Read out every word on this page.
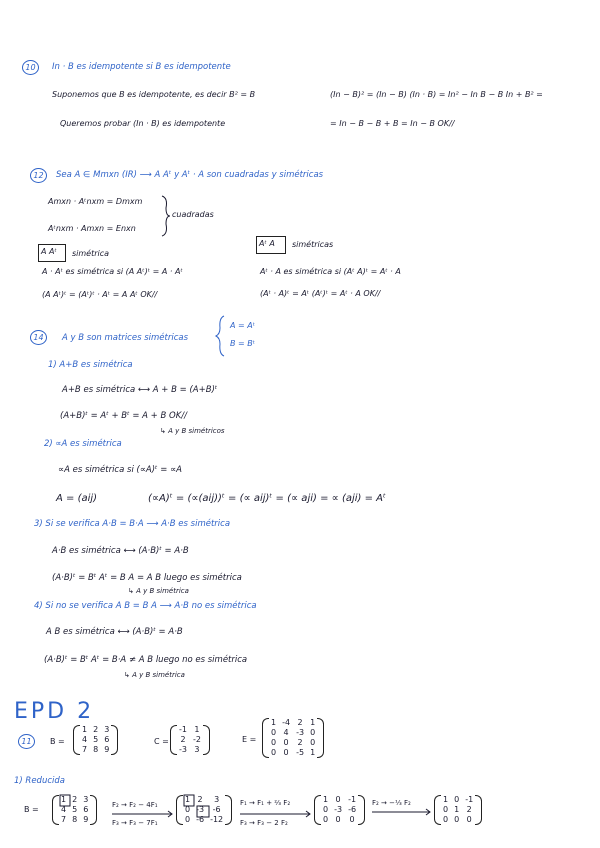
10	In · B es idempotente si B es idempotente
Suponemos que B es idempotente, es decir B² = B
Queremos probar (In · B) es idempotente
(In − B)² = (In − B) (In · B) = In² − In B − B In + B² =
= In − B − B + B = In − B OK//
12	Sea A ∈ Mmxn (IR) ⟶ A Aᵗ y Aᵗ · A son cuadradas y simétricas
Amxn · Aᵗnxm = Dmxm
Aᵗnxm · Amxn = Enxn
cuadradas
A Aᵗ simétrica
Aᵗ A simétricas
A · Aᵗ es simétrica si (A Aᵗ)ᵗ = A · Aᵗ
(A Aᵗ)ᵗ = (Aᵗ)ᵗ · Aᵗ = A Aᵗ OK//
Aᵗ · A es simétrica si (Aᵗ A)ᵗ = Aᵗ · A
(Aᵗ · A)ᵗ = Aᵗ (Aᵗ)ᵗ = Aᵗ · A OK//
14	A y B son matrices simétricas
A = Aᵗ
B = Bᵗ
1) A+B es simétrica
A+B es simétrica ⟷ A + B = (A+B)ᵗ
(A+B)ᵗ = Aᵗ + Bᵗ = A + B OK//
↳ A y B simétricos
2) ∝A es simétrica
∝A es simétrica si (∝A)ᵗ = ∝A
A = (aij)	(∝A)ᵗ = (∝(aij))ᵗ = (∝ aij)ᵗ = (∝ aji) = ∝ (aji) = Aᵗ
3) Si se verifica A·B = B·A ⟶ A·B es simétrica
A·B es simétrica ⟷ (A·B)ᵗ = A·B
(A·B)ᵗ = Bᵗ Aᵗ = B A = A B luego es simétrica
↳ A y B simétrica
4) Si no se verifica A B = B A ⟶ A·B no es simétrica
A B es simétrica ⟷ (A·B)ᵗ = A·B
(A·B)ᵗ = Bᵗ Aᵗ = B·A ≠ A B luego no es simétrica
↳ A y B simétrica
EPD 2
11	B =
1	2	3
4	5	6
7	8	9
C =
-1	1
2	-2
-3	3
E =
1	-4	2	1
0	4	-3	0
0	0	2	0
0	0	-5	1
1) Reducida
B =
1	2	3
4	5	6
7	8	9
F₂ → F₂ − 4F₁
F₃ → F₃ − 7F₁
1	2	3
0	-3	-6
0	-6	-12
F₁ → F₁ + ⅔ F₂
F₃ → F₃ − 2 F₂
1	0	-1
0	-3	-6
0	0	0
F₂ → −⅓ F₂	1	0	-1
0	1	2
0	0	0
